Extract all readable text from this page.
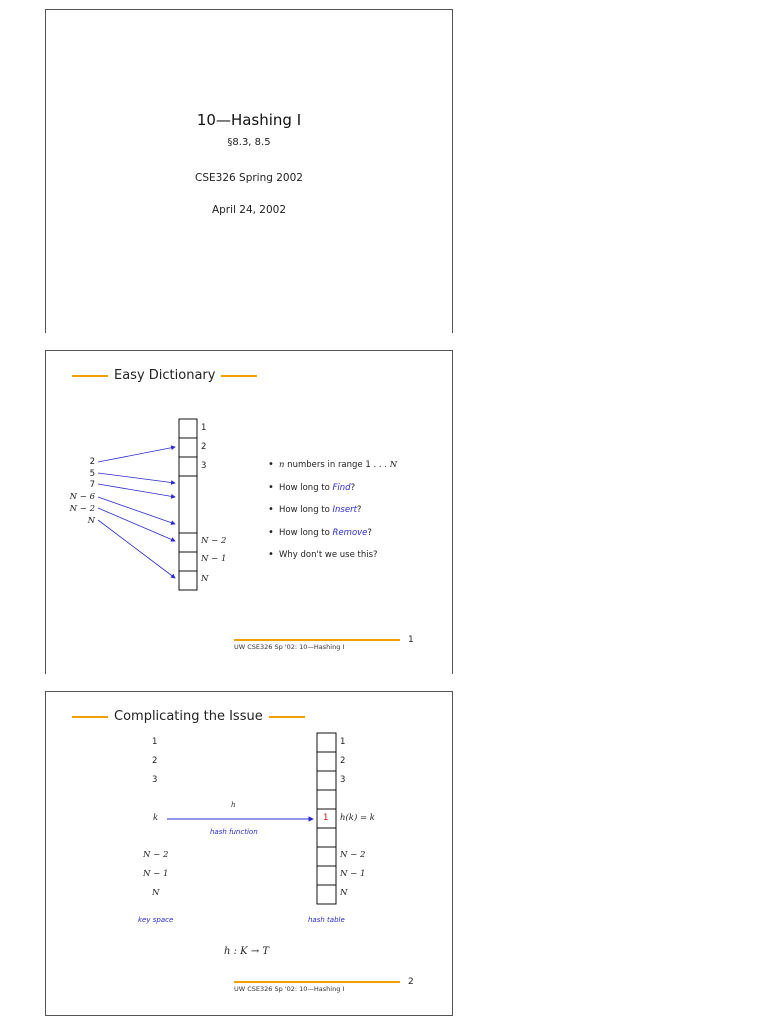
10—Hashing I
§8.3, 8.5
CSE326 Spring 2002
April 24, 2002
Easy Dictionary
1
2
3
N − 2
N − 1
N
2
5
7
N − 6
N − 2
N
• n numbers in range 1 . . . N
• How long to Find?
• How long to Insert?
• How long to Remove?
• Why don't we use this?
UW CSE326 Sp '02: 10—Hashing I
1
Complicating the Issue
1
2
3
k
N − 2
N − 1
N
1
2
3
h(k) = k
N − 2
N − 1
N
1
h
hash function
key space	hash table
h : K → T
UW CSE326 Sp '02: 10—Hashing I
2
